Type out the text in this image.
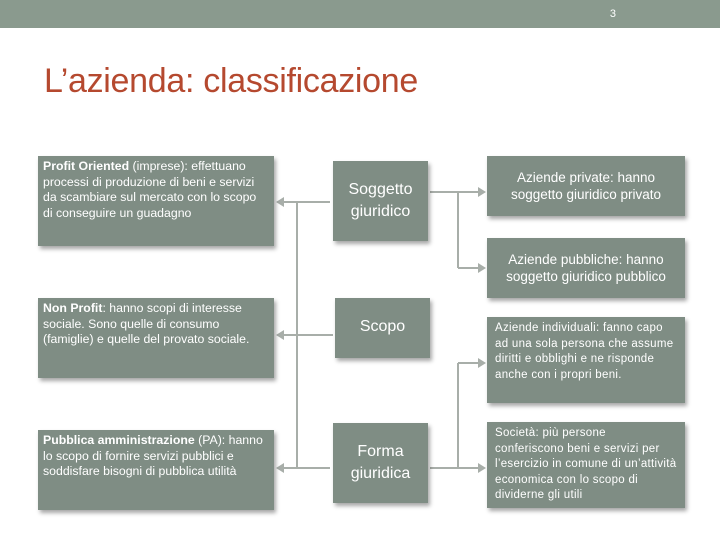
3
L’azienda: classificazione
Profit Oriented (imprese): effettuano processi di produzione di beni e servizi da scambiare sul mercato con lo scopo di conseguire un guadagno
Non Profit: hanno scopi di interesse sociale. Sono quelle di consumo (famiglie) e quelle del provato sociale.
Pubblica amministrazione (PA): hanno lo scopo di fornire servizi pubblici e soddisfare bisogni di pubblica utilità
Soggetto
giuridico
Scopo
Forma
giuridica
Aziende private: hanno soggetto giuridico privato
Aziende pubbliche: hanno soggetto giuridico pubblico
Aziende individuali: fanno capo ad una sola persona che assume diritti e obblighi e ne risponde anche con i propri beni.
Società: più persone conferiscono beni e servizi per l’esercizio in comune di un’attività economica con lo scopo di dividerne gli utili
